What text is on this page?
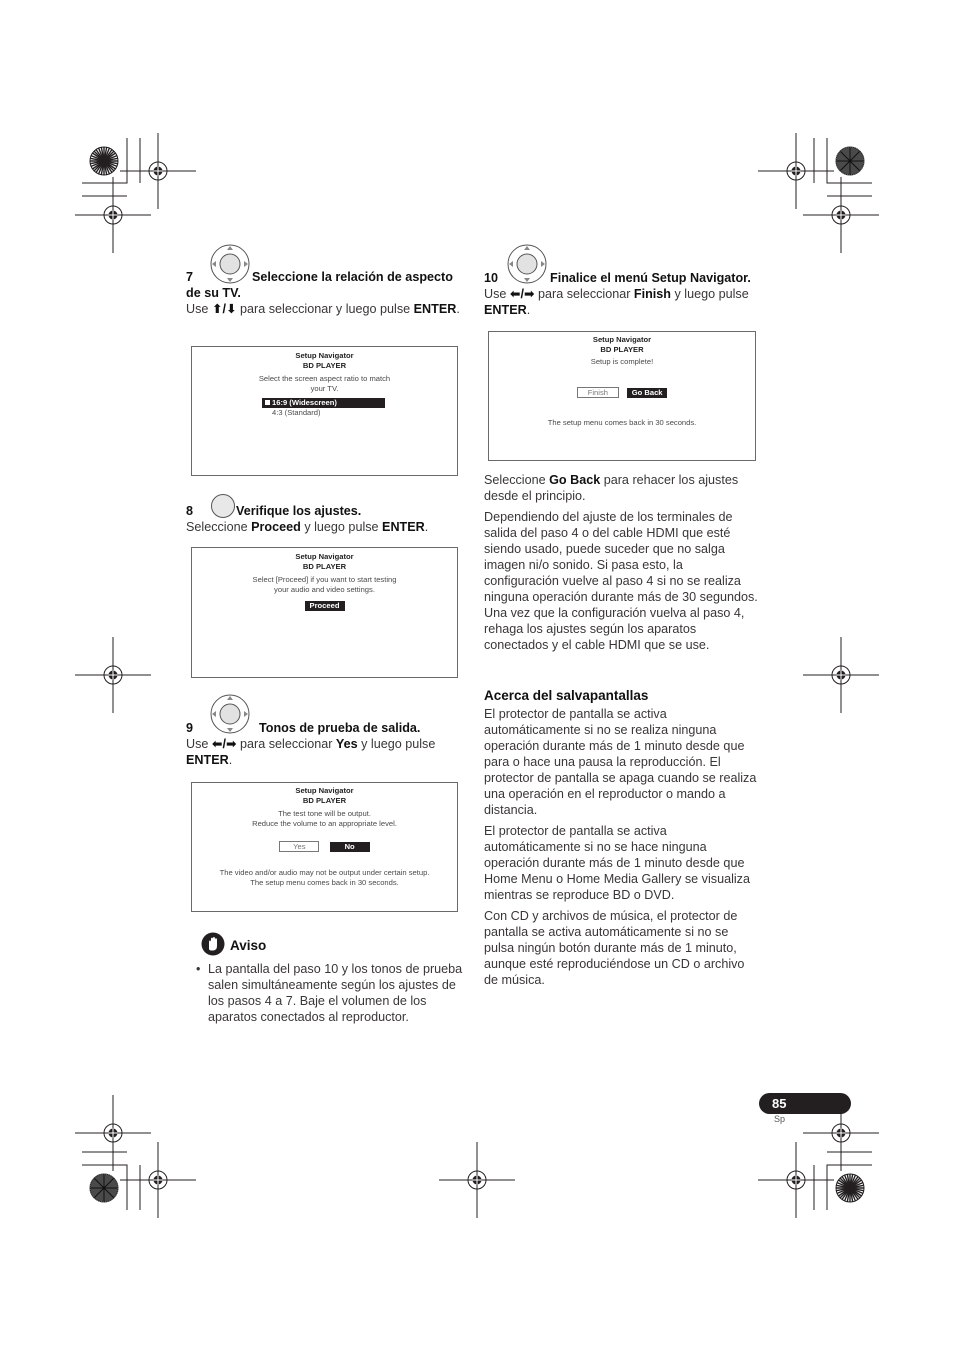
7	Seleccione la relación de aspecto de su TV.
Use ⬆/⬇ para seleccionar y luego pulse ENTER.
Setup Navigator
BD PLAYER
Select the screen aspect ratio to match
your TV.
16:9 (Widescreen)
4:3 (Standard)
8	Verifique los ajustes.
Seleccione Proceed y luego pulse ENTER.
Setup Navigator
BD PLAYER
Select [Proceed] if you want to start testing
your audio and video settings.
Proceed
9	Tonos de prueba de salida.
Use ⬅/➡ para seleccionar Yes y luego pulse ENTER.
Setup Navigator
BD PLAYER
The test tone will be output.
Reduce the volume to an appropriate level.
Yes	No
The video and/or audio may not be output under certain setup.
The setup menu comes back in 30 seconds.
Aviso
• La pantalla del paso 10 y los tonos de prueba salen simultáneamente según los ajustes de los pasos 4 a 7. Baje el volumen de los aparatos conectados al reproductor.
10	Finalice el menú Setup Navigator.
Use ⬅/➡ para seleccionar Finish y luego pulse ENTER.
Setup Navigator
BD PLAYER
Setup is complete!
Finish	Go Back
The setup menu comes back in 30 seconds.
Seleccione Go Back para rehacer los ajustes desde el principio.
Dependiendo del ajuste de los terminales de salida del paso 4 o del cable HDMI que esté siendo usado, puede suceder que no salga imagen ni/o sonido. Si pasa esto, la configuración vuelve al paso 4 si no se realiza ninguna operación durante más de 30 segundos. Una vez que la configuración vuelva al paso 4, rehaga los ajustes según los aparatos conectados y el cable HDMI que se use.
Acerca del salvapantallas
El protector de pantalla se activa automáticamente si no se realiza ninguna operación durante más de 1 minuto desde que para o hace una pausa la reproducción. El protector de pantalla se apaga cuando se realiza una operación en el reproductor o mando a distancia.
El protector de pantalla se activa automáticamente si no se hace ninguna operación durante más de 1 minuto desde que Home Menu o Home Media Gallery se visualiza mientras se reproduce BD o DVD.
Con CD y archivos de música, el protector de pantalla se activa automáticamente si no se pulsa ningún botón durante más de 1 minuto, aunque esté reproduciéndose un CD o archivo de música.
85
Sp
